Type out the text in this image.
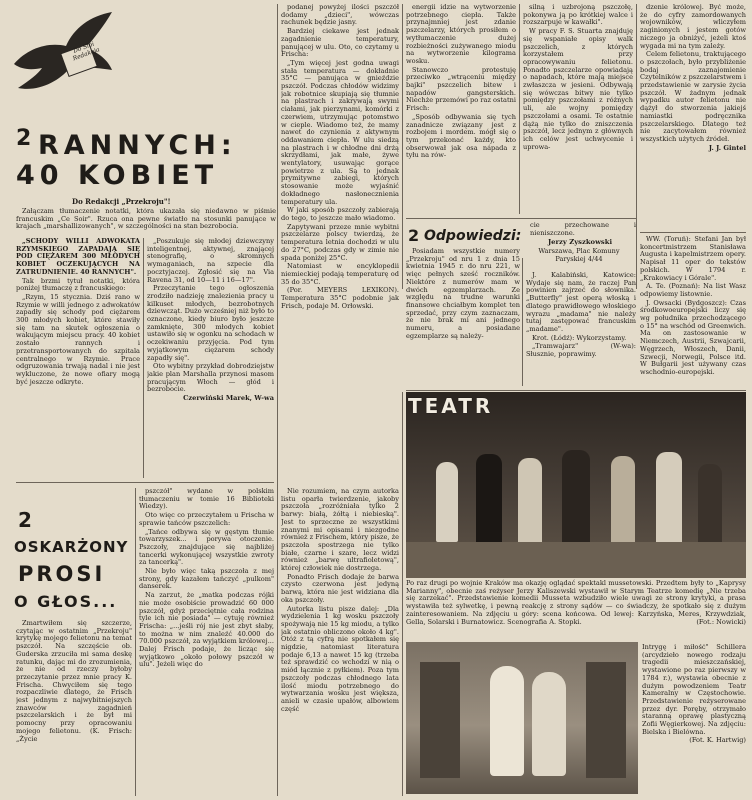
Do Sloi Redakcja
2 RANNYCH:
40 KOBIET
Do Redakcji „Przekroju"!

Załączam tłumaczenie notatki, która ukazała się niedawno w piśmie francuskim „Ce Soir". Rzuca ona pewne światło na stosunki panujące w krajach „marshallizowanych", w szczególności na stan bezrobocia.

„SCHODY WILLI ADWOKATA RZYMSKIEGO ZAPADAJĄ SIĘ POD CIĘŻAREM 300 MŁODYCH KOBIET OCZEKUJĄCYCH NA ZATRUDNIENIE. 40 RANNYCH".

Tak brzmi tytuł notatki, która poniżej tłumaczę z francuskiego:

„Rzym, 15 stycznia. Dziś rano w Rzymie w willi jednego z adwokatów zapadły się schody pod ciężarem 300 młodych kobiet, które stawiły się tam na skutek ogłoszenia o wakującym miejscu pracy. 40 kobiet zostało rannych i przetransportowanych do szpitala centralnego w Rzymie. Prace odgruzowania trwają nadal i nie jest wykluczone, że nowe ofiary mogą być jeszcze odkryte.

„Poszukuje się młodej dziewczyny inteligentnej, aktywnej, znającej stenografię, o skromnych wymaganiach, na szpecie dla pocztyjaczej. Zgłosić się na Via Ravena 31, od 10—11 i 16—17".

Przeczytanie tego ogłoszenia zrodziło nadzieję znalezienia pracy u kilkuset młodych, bezrobotnych dziewcząt. Dużo wcześniej niż było to oznaczone, kiedy biuro było jeszcze zamknięte, 300 młodych kobiet ustawiło się w ogonku na schodach w oczekiwaniu przyjęcia. Pod tym wyjątkowym ciężarem schody zapadły się".

Oto wybitny przykład dobrodziejstw jakie plan Marshalla przynosi masom pracującym Włoch — głód i bezrobocie.

Czerwiński Marek, W-wa

podanej powyżej ilości pszczół dodamy „dzieci", wówczas rachunek będzie jasny.

Bardziej ciekawe jest jednak zagadnienie temperatury, panującej w ulu. Oto, co czytamy u Frischa:

„Tym więcej jest godna uwagi stała temperatura — dokładnie 35°C — panująca w gnieździe pszczół. Podczas chłodów widzimy jak robotnice skupiają się tłumnie na plastrach i zakrywają swymi ciałami, jak pierzynami, komórki z czerwiem, utrzymując potomstwo w cieple. Wiadomo też, że mamy nawet do czynienia z aktywnym oddawaniem ciepła. W ulu siedzą na plastrach i w chłodne dni drżą skrzydłami, jak małe, żywe wentylatory, usuwając gorące powietrze z ula. Są to jednak prymitywne zabiegi, których stosowanie może wyjaśnić dokładnego nasłonecznienia temperatury ula.

W jaki sposób pszczoły zabierają do tego, to jeszcze mało wiadomo.

Zapytywani przeze mnie wybitni pszczelarze polscy twierdzą, że temperatura letnia dochodzi w ulu do 27°C, podczas gdy w zimie nie spada poniżej 25°C.

Natomiast w encyklopedii niemieckiej podają temperaturę od 35 do 35°C.

(Por. MEYERS LEXIKON). Temperatura 35°C podobnie jak Frisch, podaje M. Orłowski.

energii idzie na wytworzenie potrzebnego ciepła. Także przynajmniej jest zdanie pszczelarzy, których prosiłem o wytłumaczenie dużej rozbieżności zużywanego miodu na wytworzenie kilograma wosku.

Stanowczo protestuję przeciwko „wtrąceniu między bajki" pszczelich bitew i napadów gangsterskich. Niechże przemówi po raz ostatni Frisch:

„Sposób odbywania się tych zanadnicze związany jest z rozbojem i mordem. mógł się o tym przekonać każdy, kto obserwował jak osa nápada z tyłu na rów-

silną i uzbrojoną pszczołę, pokonywa ją po krótkiej walce i rozszarpuje w kawałki".

W pracy F. S. Stuarta znajduję się wspaniałe opisy walk pszczelich, z których korzystałem przy opracowywaniu felietonu. Ponadto pszczelarze opowiadają o napadach, które mają miejsce zwłaszcza w jesieni. Odbywają się wówczas bitwy nie tylko pomiędzy pszczołami z różnych uli, ale wojny pomiędzy pszczołami a osami. Te ostatnie dążą nie tylko do zniszczenia pszczół, lecz jednym z głównych ich celów jest uchwycenie i uprowa-

dzenie królowej. Być może, że do cyfry zamordowanych wojowników, wliczyłem zaginionych i jestem gotów niczego ja obniżyć, jeżeli ktoś wygada mi na tym zależy.

Celem felietonu, traktującego o pszczołach, było przybliżenie bodaj zaznajomienie Czytelników z pszczelarstwem i przedstawienie w zarysie życia pszczół. W żadnym jednak wypadku autor felietonu nie dążył do stworzenia jakiejś namiastki podręcznika pszczelarskiego. Dlatego też nie zacytowałem również wszystkich użytych źródeł.

J. J. Gintel

cie przechowane i nieniszczone.

Jerzy Zyszkowski
Warszawa, Plac Komuny Paryskiej 4/44
2 Odpowiedzi:

Posiadam wszystkie numery „Przekroju" od nru 1 z dnia 15 kwietnia 1945 r. do nru 221, w więc pełnych sześć roczników. Niektóre z numerów mam w dwóch egzemplarzach. Ze względu na trudne warunki finansowe chciałbym komplet ten sprzedać, przy czym zaznaczam, że nie brak mi ani jednego numeru, a posiadane egzemplarze są należy-

J. Kalabiński, Katowice: Wydaje się nam, że raczej Pan powinien zajrzeć do słownika. „Butterfly" jest operą włoską i dlatego prawidłowego włoskiego wyrazu „madama" nie należy tutaj zastępować francuskim „madame".

Krot. (Łódź): Wykorzystamy.

„Tramwajarz" (W-wa): Słusznie, poprawimy.

WW. (Toruń): Stefani Jan był koncertmistrzem Stanisława Augusta i kapelmistrzem opery. Napisał 11 oper do tekstów polskich. W 1794 r. „Krakowiacy i Górale".

A. Te. (Poznań): Na list Wasz odpowiemy listownie.

J. Owsacki (Bydgoszcz): Czas środkowoeuropejski liczy się wg południka przechodzącego o 15° na wschód od Greenwich. Ma on zastosowanie w Niemczech, Austrii, Szwajcarii, Węgrzech, Włoszech, Danii, Szwecji, Norwegii, Polsce itd. W Bułgarii jest używany czas wschodnio-europejski.

2
OSKARŻONY
PROSI
O GŁOS...

Zmartwiłem się szczerze, czytając w ostatnim „Przekroju" krytykę mojego felietonu na temat pszczół. Na szczęście ob. Guderska zrzuciła mi sama deskę ratunku, dając mi do zrozumienia, że nie od rzeczy byłoby przeczytanie przez mnie pracy K. Frischa. Chwyciłem się tego rozpaczliwie dlatego, że Frisch jest jednym z najwybitniejszych znawców zagadnień pszczelarskich i że był mi pomocny przy opracowaniu mojego felietonu. (K. Frisch: „Życie

pszczół" wydane w polskim tłumaczeniu w tomie 16 Biblioteki Wiedzy).

Oto więc co przeczytałem u Frischa w sprawie tańców pszczelich:

„Tańce odbywa się w gęstym tłumie towarzyszek... i porywa otoczenie. Pszczoły, znajdujące się najbliżej tancerki wykonującej wszystkie zwroty za tancerką".

Nie było więc taką pszczoła z mej strony, gdy kazałem tańczyć „pulkom" danserek.

Na zarzut, że „matka podczas rójki nie może osobiście prowadzić 60 000 pszczół, gdyż przeciętnie cała rodzina tyle ich nie posiada" — cytuję również Frischa: „...jeśli rój nie jest zbyt słaby, to można w nim znaleźć 40.000 do 70.000 pszczół, za wyjątkiem królowej... Dalej Frisch podaje, że licząc się wyjątkowo „około połowy pszczół w ulu". Jeżeli więc do

Nie rozumiem, na czym autorka listu oparła twierdzenie, jakoby pszczoła „rozróżniała tylko 2 barwy: białą, żółtą i niebieską". Jest to sprzeczne ze wszystkimi znanymi mi opisami i niezgodne również z Frischem, który pisze, że pszczoła spostrzega nie tylko białe, czarne i szare, lecz widzi również „barwę ultrafioletową", której człowiek nie dostrzega.

Ponadto Frisch dodaje że barwa czysto czerwona jest jedyną barwą, która nie jest widziana dla oka pszczoły.

Autorka listu pisze dalej: „Dla wydzielenia 1 kg wosku pszczoły spożywają nie 15 kg miodu, a tylko jak ostatnio obliczono około 4 kg". Otóż z tą cyfrą nie spotkałem się nigdzie, natomiast literatura podaje 6,13 a nawet 15 kg (trzeba też sprawdzić co wchodzi w nią o miód łącznie z pyłkiem). Poza tym pszczoły podczas chłodnego lata ilość miodu potrzebnego do wytwarzania wosku jest większa, anieli w czasie upałów, albowiem część

TEATR
Po raz drugi po wojnie Kraków ma okazję oglądać spektakl mussetowski. Przedtem były to „Kaprysy Marianny", obecnie zaś reżyser Jerzy Kaliszewski wystawił w Starym Teatrze komedię „Nie trzeba się zarzekać". Przedstawienie komedii Musseta wzbudziło wiele uwagi ze strony krytyki, a prasa wystawiła też sylwetkę, i pewną reakcję z strony sądów — co świadczy, że spotkało się z dużym zainteresowaniem. Na zdjęciu u góry: scena końcowa. Od lewej: Karzyńska, Meres, Krzywdziak, Gella, Solarski i Burnatowicz. Scenografia A. Stopki.	(Fot.: Nowicki)

Intrygę i miłość" Schillera (arcydzieło nowego rodzaju tragedii mieszczańskiej, wystawione po raz pierwszy w 1784 r.), wystawia obecnie z dużym powodzeniem Teatr Kameralny w Częstochowie. Przedstawienie reżyserowane przez dyr. Poręby, otrzymało staranną oprawę plastyczną Zofii Węgierkowej. Na zdjęciu: Bielska i Bielówna.

(Fot. K. Hartwig)
